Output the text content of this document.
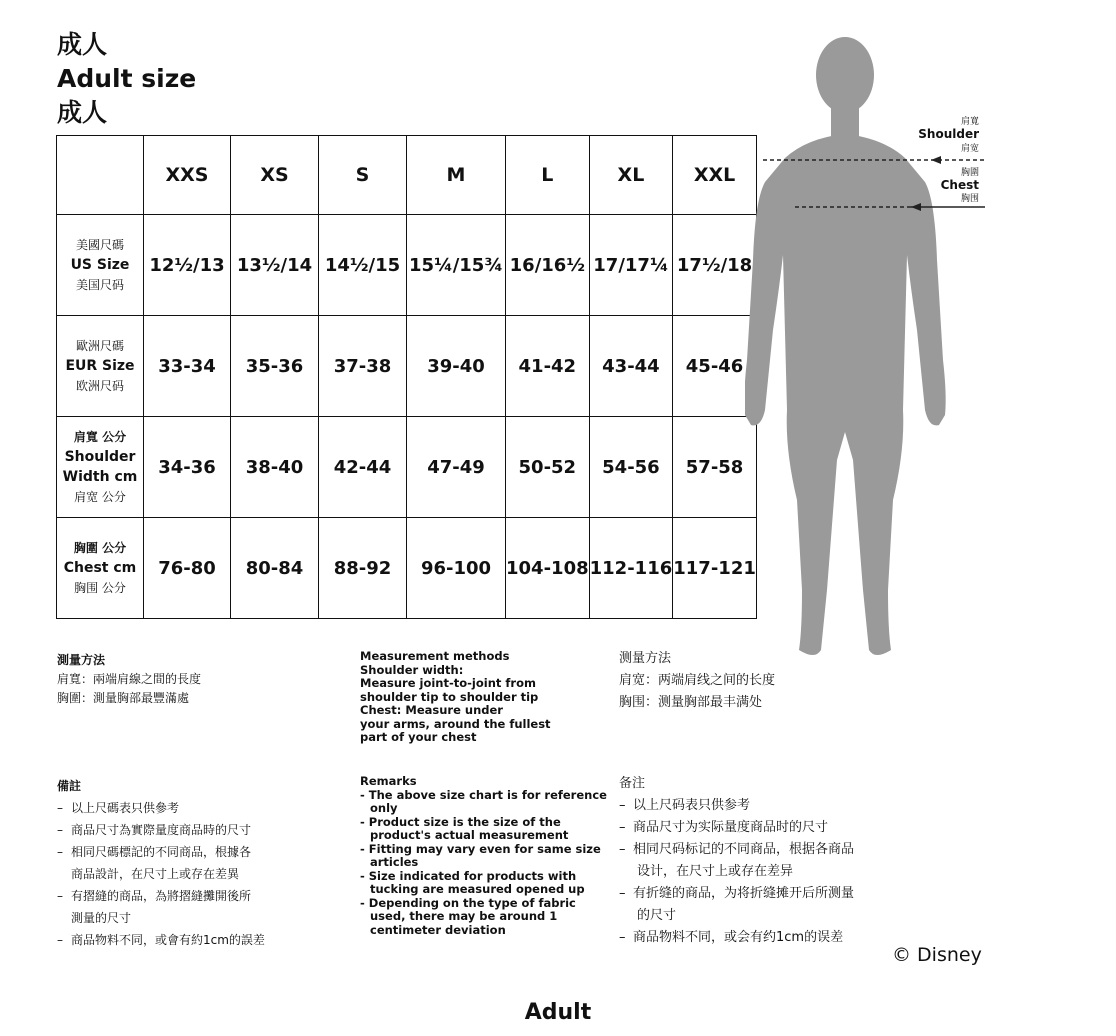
成人
Adult size
成人
	XXS	XS	S	M	L	XL	XXL

美國尺碼
US Size
美国尺码	12½/13	13½/14	14½/15	15¼/15¾	16/16½	17/17¼	17½/18

歐洲尺碼
EUR Size
欧洲尺码	33-34	35-36	37-38	39-40	41-42	43-44	45-46

肩寬 公分
Shoulder
Width cm
肩宽 公分	34-36	38-40	42-44	47-49	50-52	54-56	57-58

胸圍 公分
Chest cm
胸围 公分	76-80	80-84	88-92	96-100	104-108	112-116	117-121
肩寬
Shoulder
肩宽
胸圍
Chest
胸围
測量方法
肩寬：兩端肩線之間的長度
胸圍：測量胸部最豐滿處
Measurement methods
Shoulder width:
Measure joint-to-joint from
shoulder tip to shoulder tip
Chest: Measure under
your arms, around the fullest
part of your chest
测量方法
肩宽：两端肩线之间的长度
胸围：测量胸部最丰满处
備註
– 以上尺碼表只供參考
– 商品尺寸為實際量度商品時的尺寸
– 相同尺碼標記的不同商品，根據各
商品設計，在尺寸上或存在差異
– 有摺縫的商品，為將摺縫攤開後所
測量的尺寸
– 商品物料不同，或會有約1cm的誤差
Remarks
- The above size chart is for reference only
- Product size is the size of the product's actual measurement
- Fitting may vary even for same size articles
- Size indicated for products with tucking are measured opened up
- Depending on the type of fabric used, there may be around 1 centimeter deviation
备注
– 以上尺码表只供参考
– 商品尺寸为实际量度商品时的尺寸
– 相同尺码标记的不同商品，根据各商品
设计，在尺寸上或存在差异
– 有折缝的商品，为将折缝摊开后所测量
的尺寸
– 商品物料不同，或会有约1cm的误差
© Disney
Adult
